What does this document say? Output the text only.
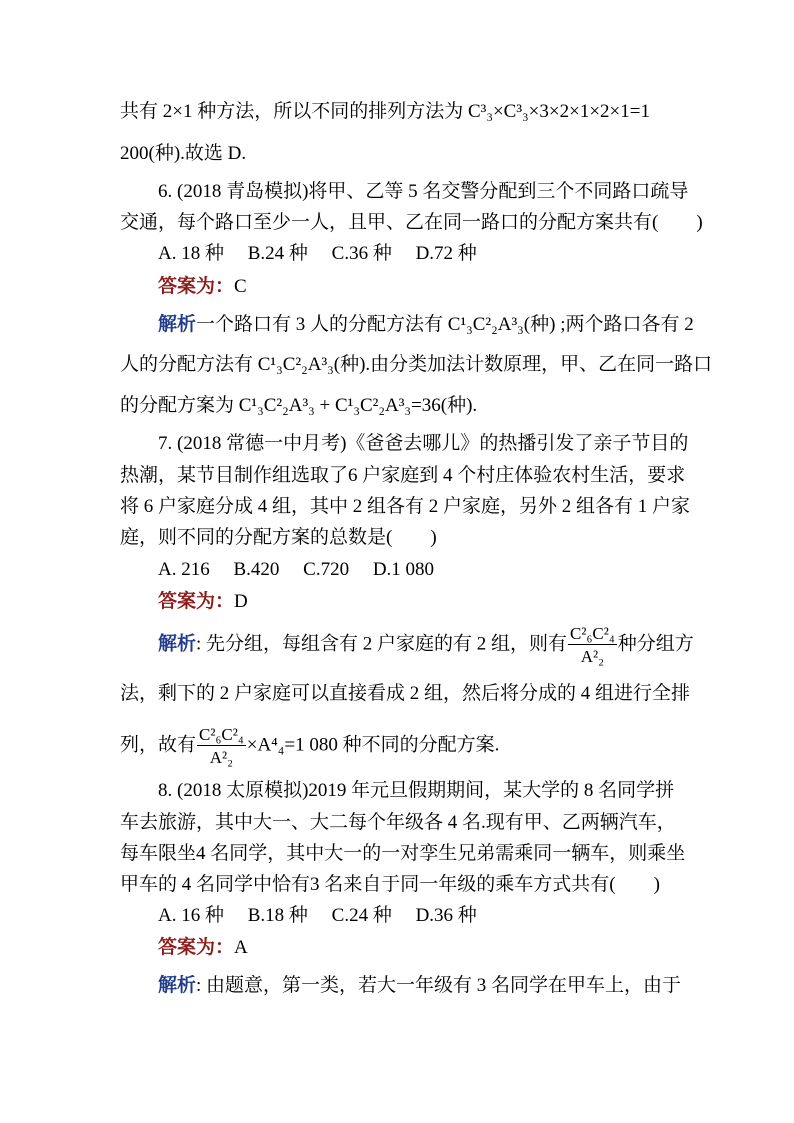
共有 2×1 种方法，所以不同的排列方法为 C³₃×C³₃×3×2×1×2×1=1
200(种).故选 D.
6. (2018 青岛模拟)将甲、乙等 5 名交警分配到三个不同路口疏导
交通，每个路口至少一人，且甲、乙在同一路口的分配方案共有(　　)
A. 18 种　 B.24 种　 C.36 种　 D.72 种
答案为：C
解析一个路口有 3 人的分配方法有 C¹₃C²₂A³₃(种) ;两个路口各有 2
人的分配方法有 C¹₃C²₂A³₃(种).由分类加法计数原理，甲、乙在同一路口
的分配方案为 C¹₃C²₂A³₃ + C¹₃C²₂A³₃=36(种).
7. (2018 常德一中月考)《爸爸去哪儿》的热播引发了亲子节目的
热潮，某节目制作组选取了6 户家庭到 4 个村庄体验农村生活，要求
将 6 户家庭分成 4 组，其中 2 组各有 2 户家庭，另外 2 组各有 1 户家
庭，则不同的分配方案的总数是(　　)
A. 216　 B.420　 C.720　 D.1 080
答案为：D
解析: 先分组，每组含有 2 户家庭的有 2 组，则有 $\frac{\text{C²₆C²₄}}{\text{A²₂}}$ 种分组方
法，剩下的 2 户家庭可以直接看成 2 组，然后将分成的 4 组进行全排
列，故有 $\frac{\text{C²₆C²₄}}{\text{A²₂}} \times A^4_4=1$ 080 种不同的分配方案.
8. (2018 太原模拟)2019 年元旦假期期间，某大学的 8 名同学拼
车去旅游，其中大一、大二每个年级各 4 名.现有甲、乙两辆汽车，
每车限坐4 名同学，其中大一的一对孪生兄弟需乘同一辆车，则乘坐
甲车的 4 名同学中恰有3 名来自于同一年级的乘车方式共有(　　)
A. 16 种　 B.18 种　 C.24 种　 D.36 种
答案为：A
解析: 由题意，第一类，若大一年级有 3 名同学在甲车上，由于
